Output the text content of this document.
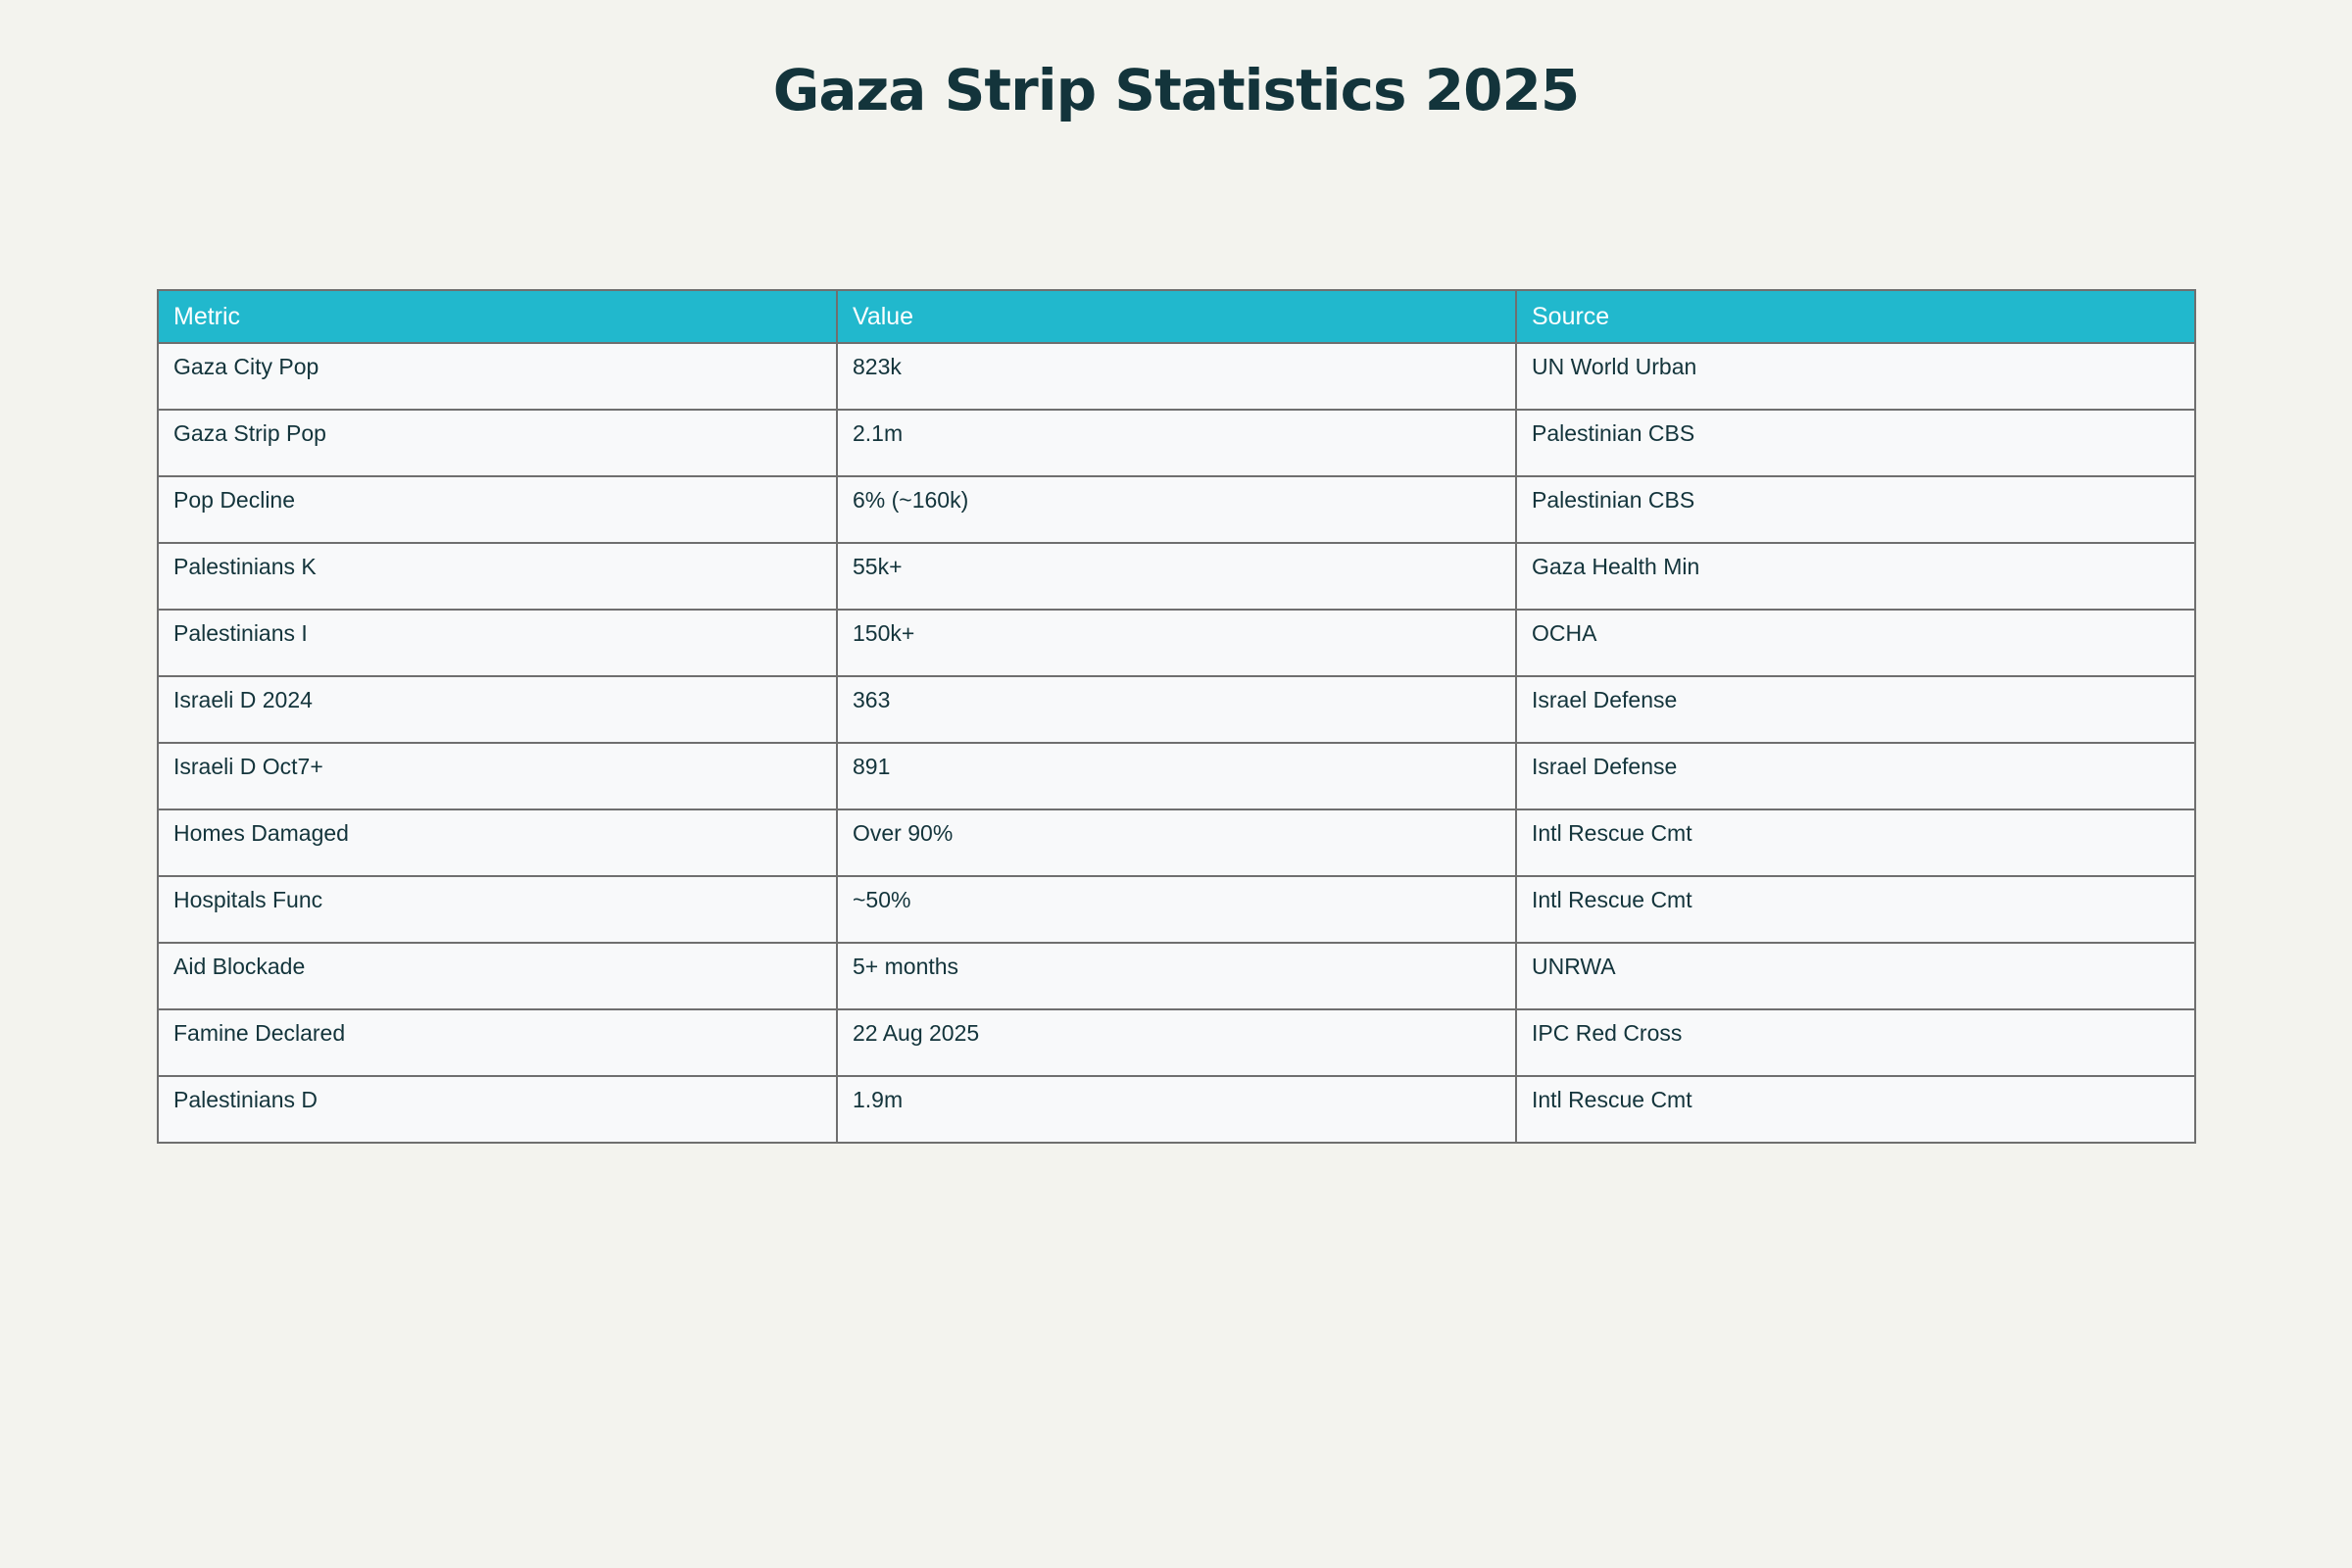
Gaza Strip Statistics 2025
Metric	Value	Source
Gaza City Pop	823k	UN World Urban
Gaza Strip Pop	2.1m	Palestinian CBS
Pop Decline	6% (~160k)	Palestinian CBS
Palestinians K	55k+	Gaza Health Min
Palestinians I	150k+	OCHA
Israeli D 2024	363	Israel Defense
Israeli D Oct7+	891	Israel Defense
Homes Damaged	Over 90%	Intl Rescue Cmt
Hospitals Func	~50%	Intl Rescue Cmt
Aid Blockade	5+ months	UNRWA
Famine Declared	22 Aug 2025	IPC Red Cross
Palestinians D	1.9m	Intl Rescue Cmt
